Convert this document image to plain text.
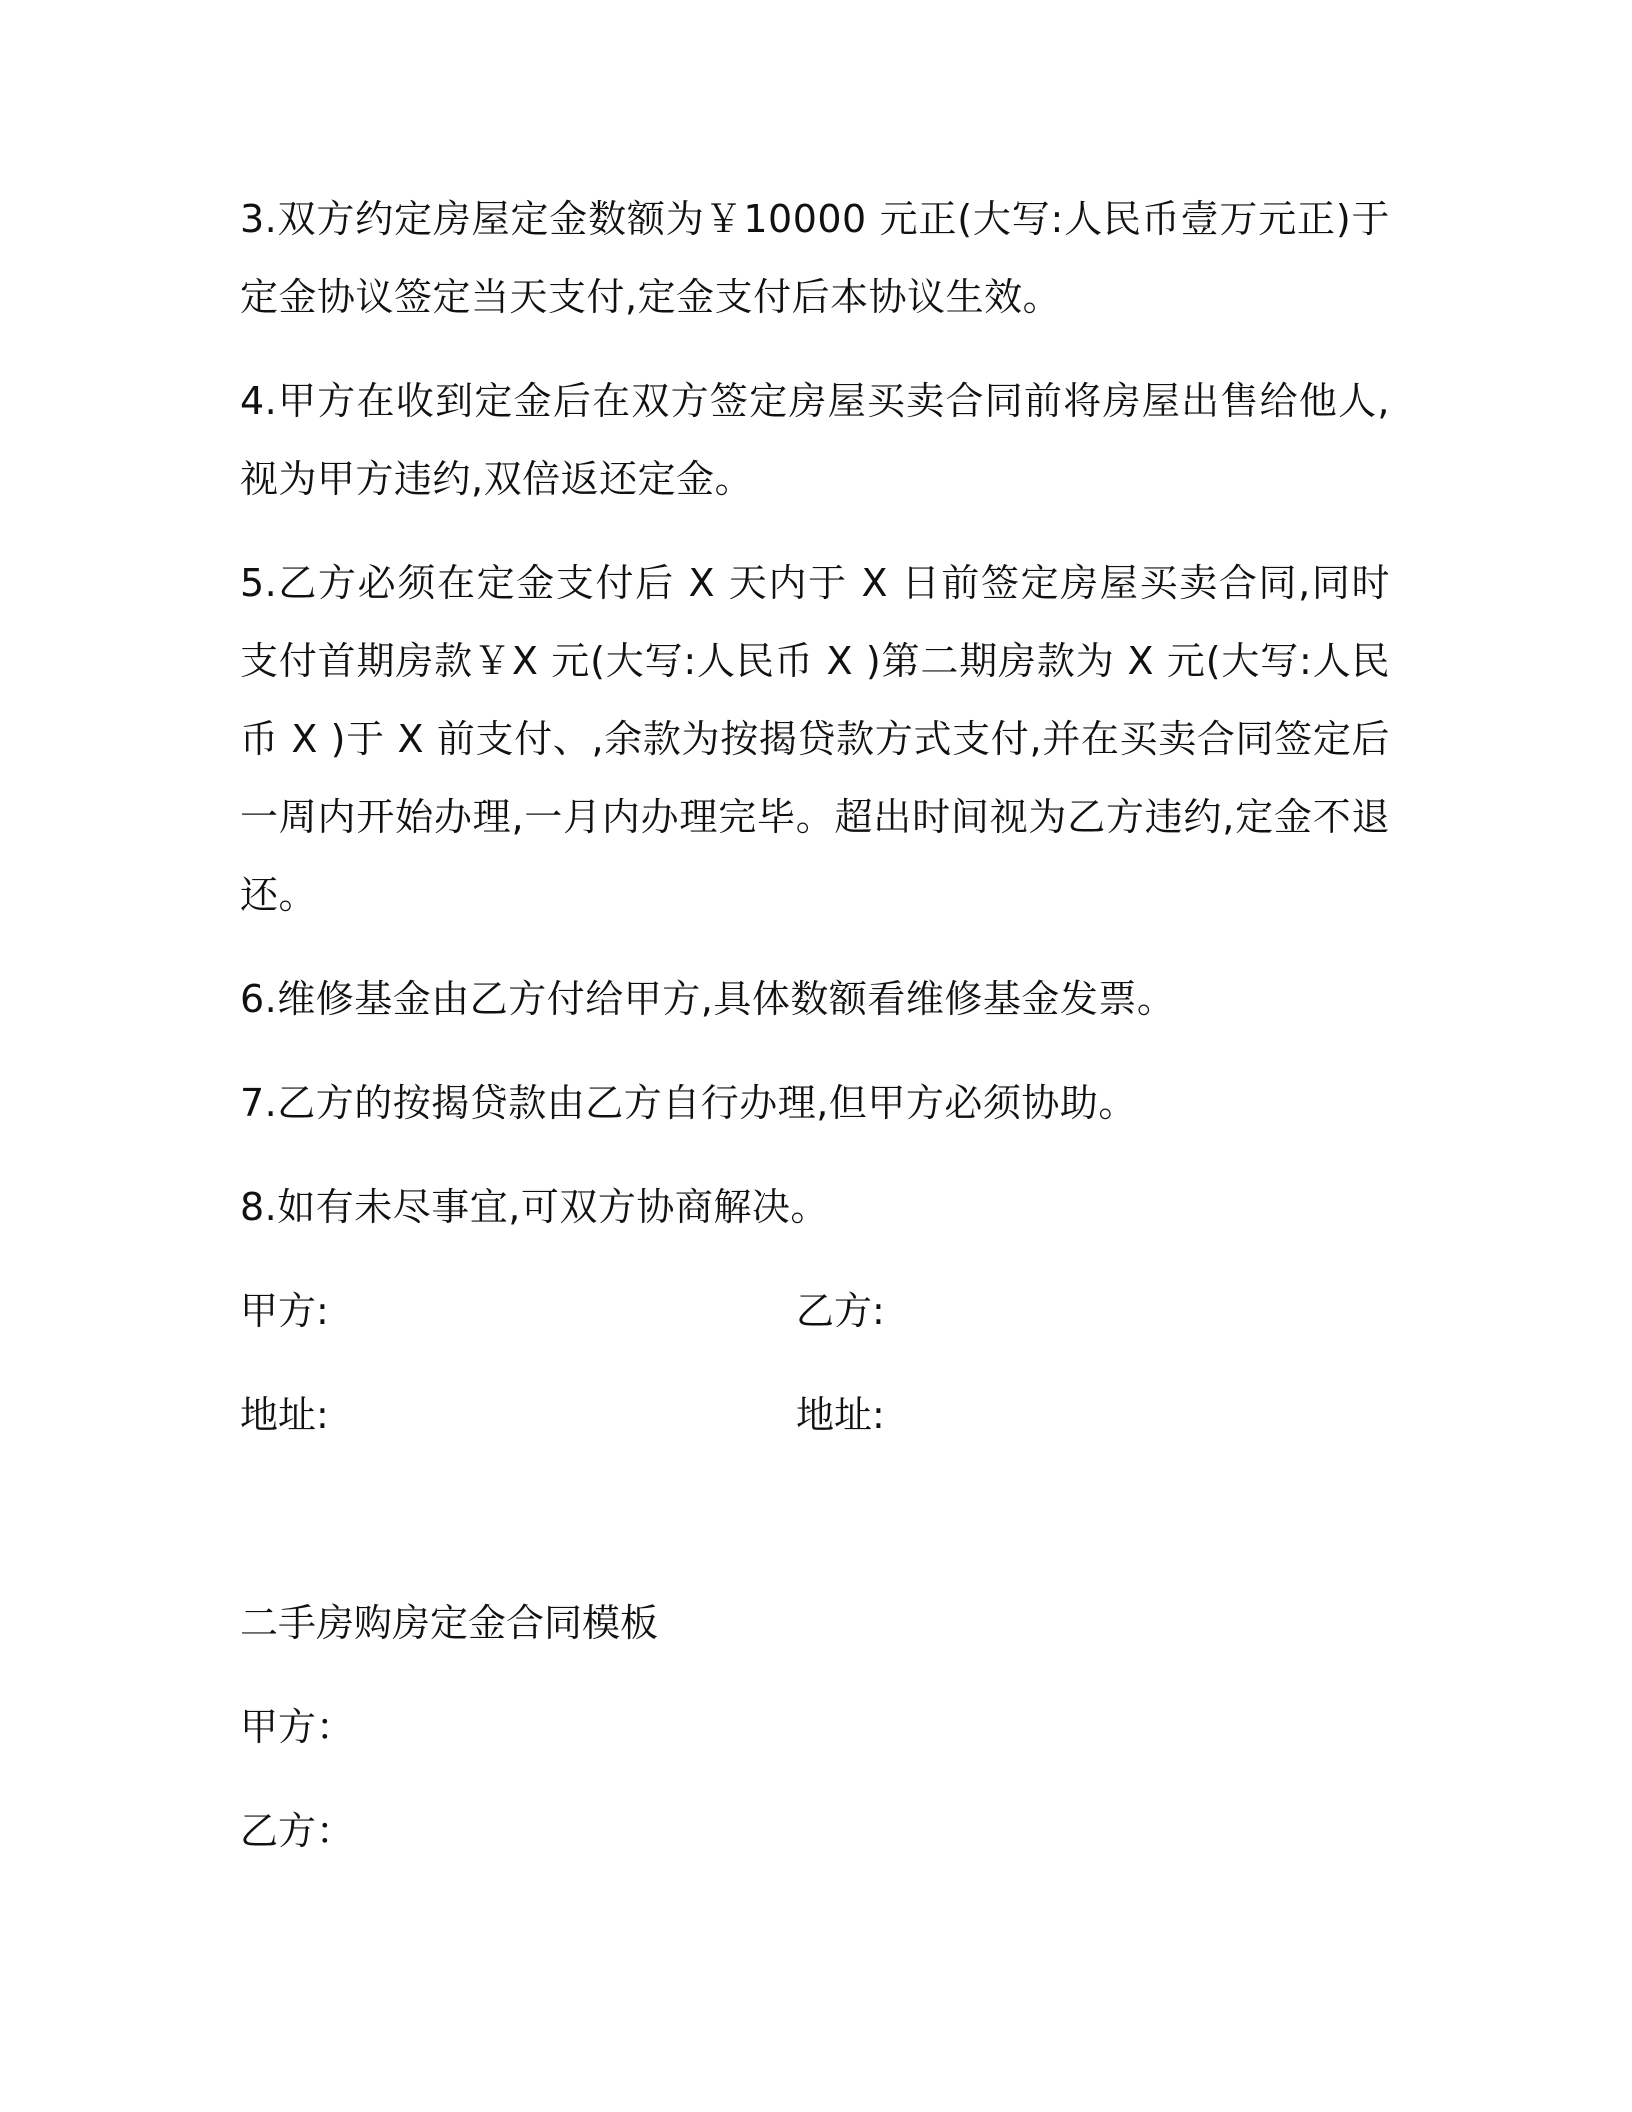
3.双方约定房屋定金数额为￥10000 元正(大写:人民币壹万元正)于定金协议签定当天支付,定金支付后本协议生效。

4.甲方在收到定金后在双方签定房屋买卖合同前将房屋出售给他人,视为甲方违约,双倍返还定金。

5.乙方必须在定金支付后 X 天内于 X 日前签定房屋买卖合同,同时支付首期房款￥X 元(大写:人民币 X )第二期房款为 X 元(大写:人民币 X )于 X 前支付、,余款为按揭贷款方式支付,并在买卖合同签定后一周内开始办理,一月内办理完毕。超出时间视为乙方违约,定金不退还。

6.维修基金由乙方付给甲方,具体数额看维修基金发票。

7.乙方的按揭贷款由乙方自行办理,但甲方必须协助。

8.如有未尽事宜,可双方协商解决。

甲方:	乙方:
地址:	地址:
二手房购房定金合同模板
甲方：
乙方：
